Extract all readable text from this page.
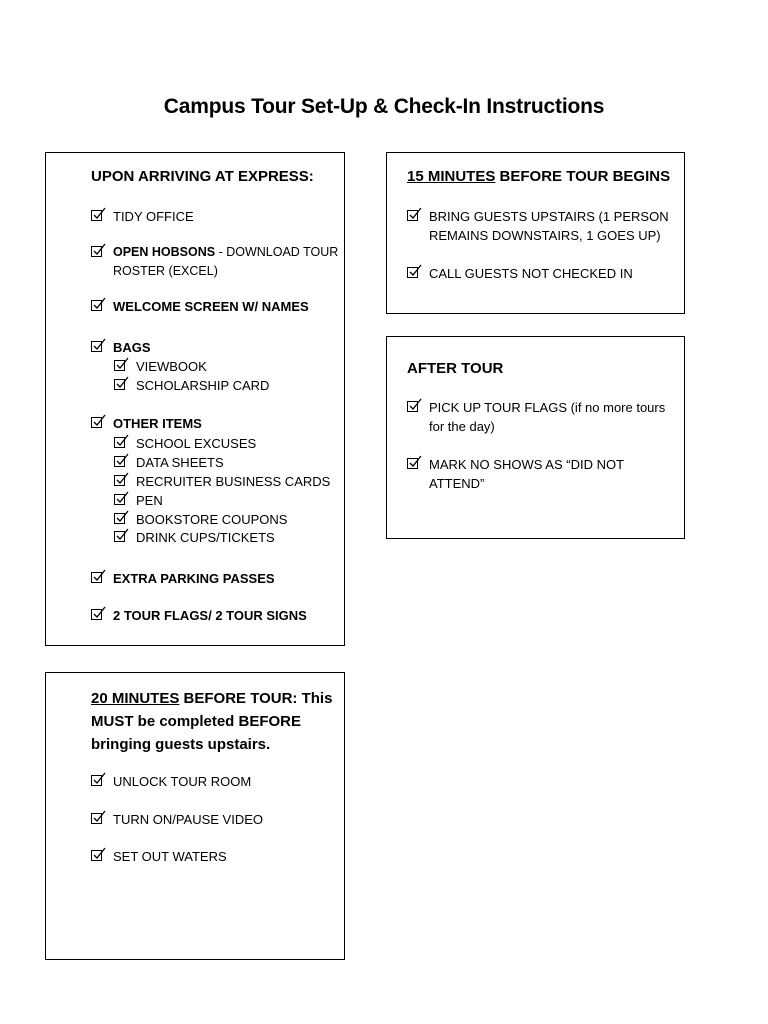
Campus Tour Set-Up & Check-In Instructions
UPON ARRIVING AT EXPRESS:
TIDY OFFICE
OPEN HOBSONS - DOWNLOAD TOUR
ROSTER (EXCEL)
WELCOME SCREEN W/ NAMES
BAGS
VIEWBOOK
SCHOLARSHIP CARD
OTHER ITEMS
SCHOOL EXCUSES
DATA SHEETS
RECRUITER BUSINESS CARDS
PEN
BOOKSTORE COUPONS
DRINK CUPS/TICKETS
EXTRA PARKING PASSES
2 TOUR FLAGS/ 2 TOUR SIGNS
15 MINUTES BEFORE TOUR BEGINS
BRING GUESTS UPSTAIRS (1 PERSON
REMAINS DOWNSTAIRS, 1 GOES UP)
CALL GUESTS NOT CHECKED IN
AFTER TOUR
PICK UP TOUR FLAGS (if no more tours
for the day)
MARK NO SHOWS AS “DID NOT
ATTEND”
20 MINUTES BEFORE TOUR: This
MUST be completed BEFORE
bringing guests upstairs.
UNLOCK TOUR ROOM
TURN ON/PAUSE VIDEO
SET OUT WATERS
